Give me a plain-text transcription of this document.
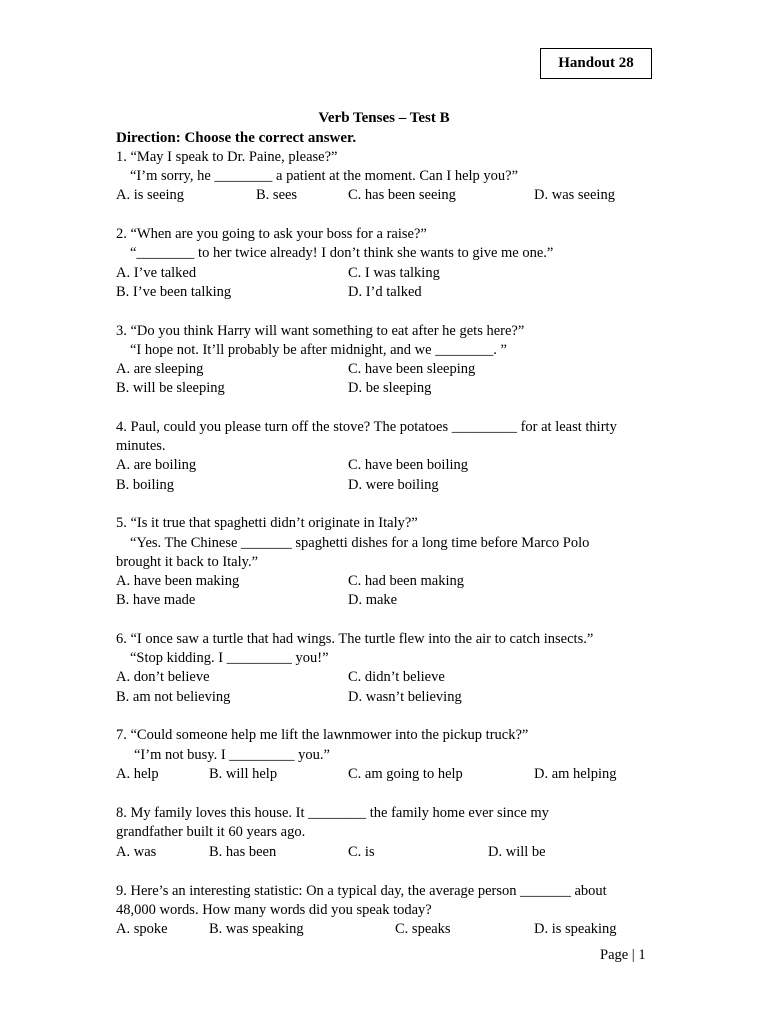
Handout 28
Verb Tenses – Test B
Direction: Choose the correct answer.
1. “May I speak to Dr. Paine, please?”
“I’m sorry, he ________ a patient at the moment. Can I help you?”
A. is seeing	B. sees	C. has been seeing	D. was seeing
2. “When are you going to ask your boss for a raise?”
“________ to her twice already! I don’t think she wants to give me one.”
A. I’ve talked	C. I was talking
B. I’ve been talking	D. I’d talked
3. “Do you think Harry will want something to eat after he gets here?”
“I hope not. It’ll probably be after midnight, and we ________. ”
A. are sleeping	C. have been sleeping
B. will be sleeping	D. be sleeping
4. Paul, could you please turn off the stove? The potatoes _________ for at least thirty
minutes.
A. are boiling	C. have been boiling
B. boiling	D. were boiling
5. “Is it true that spaghetti didn’t originate in Italy?”
“Yes. The Chinese _______ spaghetti dishes for a long time before Marco Polo
brought it back to Italy.”
A. have been making	C. had been making
B. have made	D. make
6. “I once saw a turtle that had wings. The turtle flew into the air to catch insects.”
“Stop kidding. I _________ you!”
A. don’t believe	C. didn’t believe
B. am not believing	D. wasn’t believing
7. “Could someone help me lift the lawnmower into the pickup truck?”
“I’m not busy. I _________ you.”
A. help	B. will help	C. am going to help	D. am helping
8. My family loves this house. It ________ the family home ever since my
grandfather built it 60 years ago.
A. was	B. has been	C. is	D. will be
9. Here’s an interesting statistic: On a typical day, the average person _______ about
48,000 words. How many words did you speak today?
A. spoke	B. was speaking	C. speaks	D. is speaking
Page | 1
